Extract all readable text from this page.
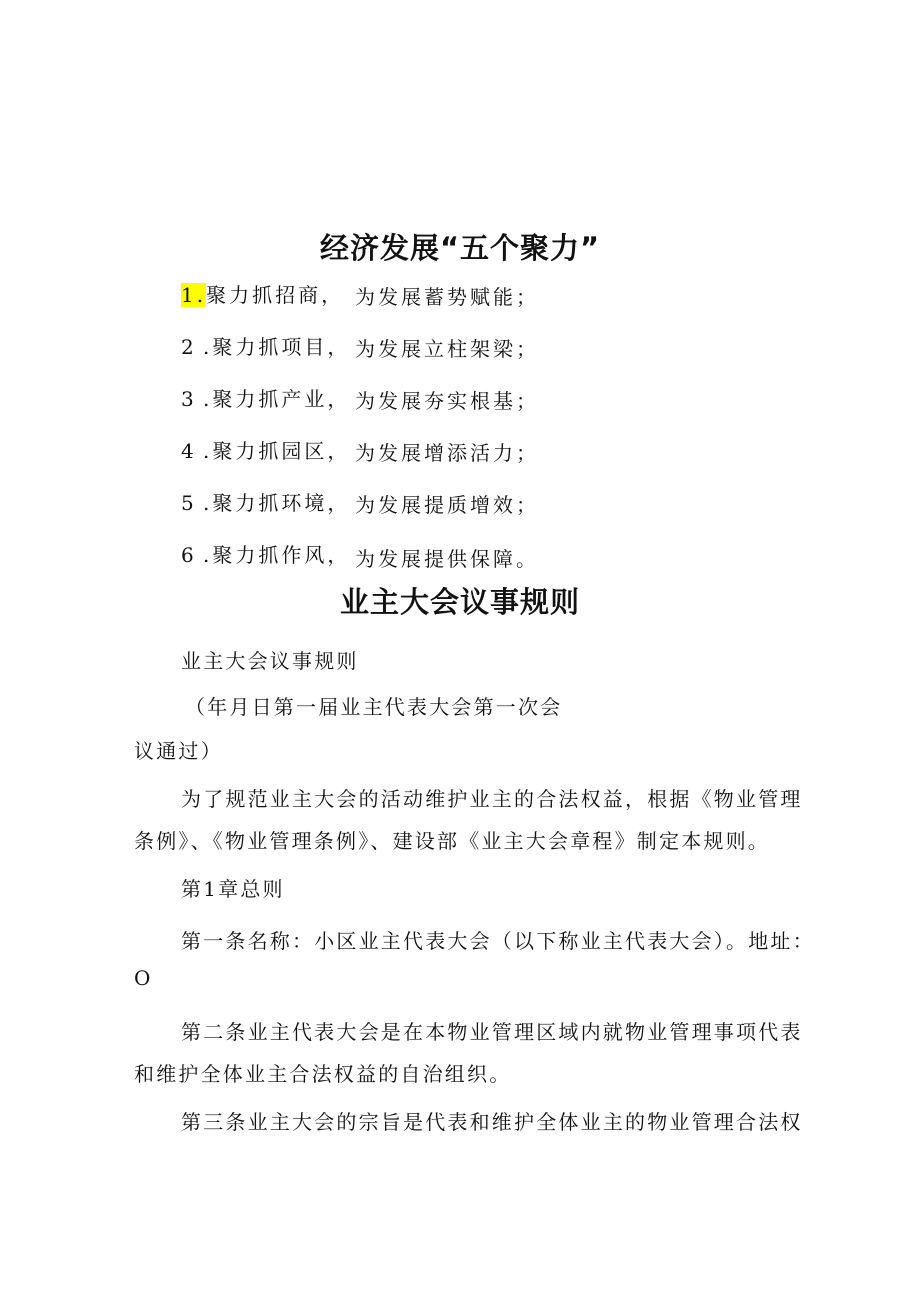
经济发展“五个聚力”
1.聚力抓招商， 为发展蓄势赋能；
2 .聚力抓项目， 为发展立柱架梁；
3 .聚力抓产业， 为发展夯实根基；
4 .聚力抓园区， 为发展增添活力；
5 .聚力抓环境， 为发展提质增效；
6 .聚力抓作风， 为发展提供保障。
业主大会议事规则
业主大会议事规则
（年月日第一届业主代表大会第一次会
议通过）
为了规范业主大会的活动维护业主的合法权益，根据《物业管理
条例》、《物业管理条例》、建设部《业主大会章程》制定本规则。
第1章总则
第一条名称：小区业主代表大会（以下称业主代表大会）。地址：
O
第二条业主代表大会是在本物业管理区域内就物业管理事项代表
和维护全体业主合法权益的自治组织。
第三条业主大会的宗旨是代表和维护全体业主的物业管理合法权
